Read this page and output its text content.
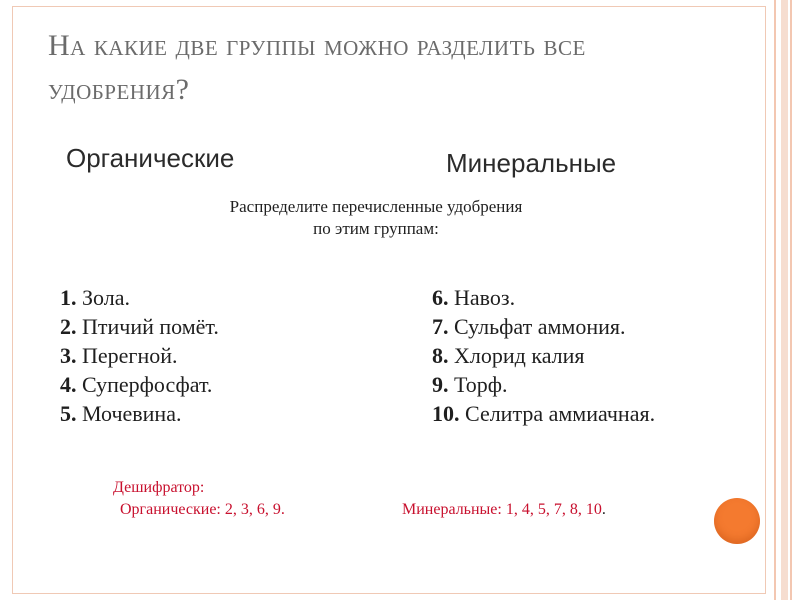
На какие две группы можно разделить все удобрения?
Органические	Минеральные
Распределите перечисленные удобрения
по этим группам:
1. Зола.
2. Птичий помёт.
3. Перегной.
4. Суперфосфат.
5. Мочевина.
6. Навоз.
7. Сульфат аммония.
8. Хлорид калия
9. Торф.
10. Селитра аммиачная.
Дешифратор:
Органические: 2, 3, 6, 9.	Минеральные: 1, 4, 5, 7, 8, 10.
